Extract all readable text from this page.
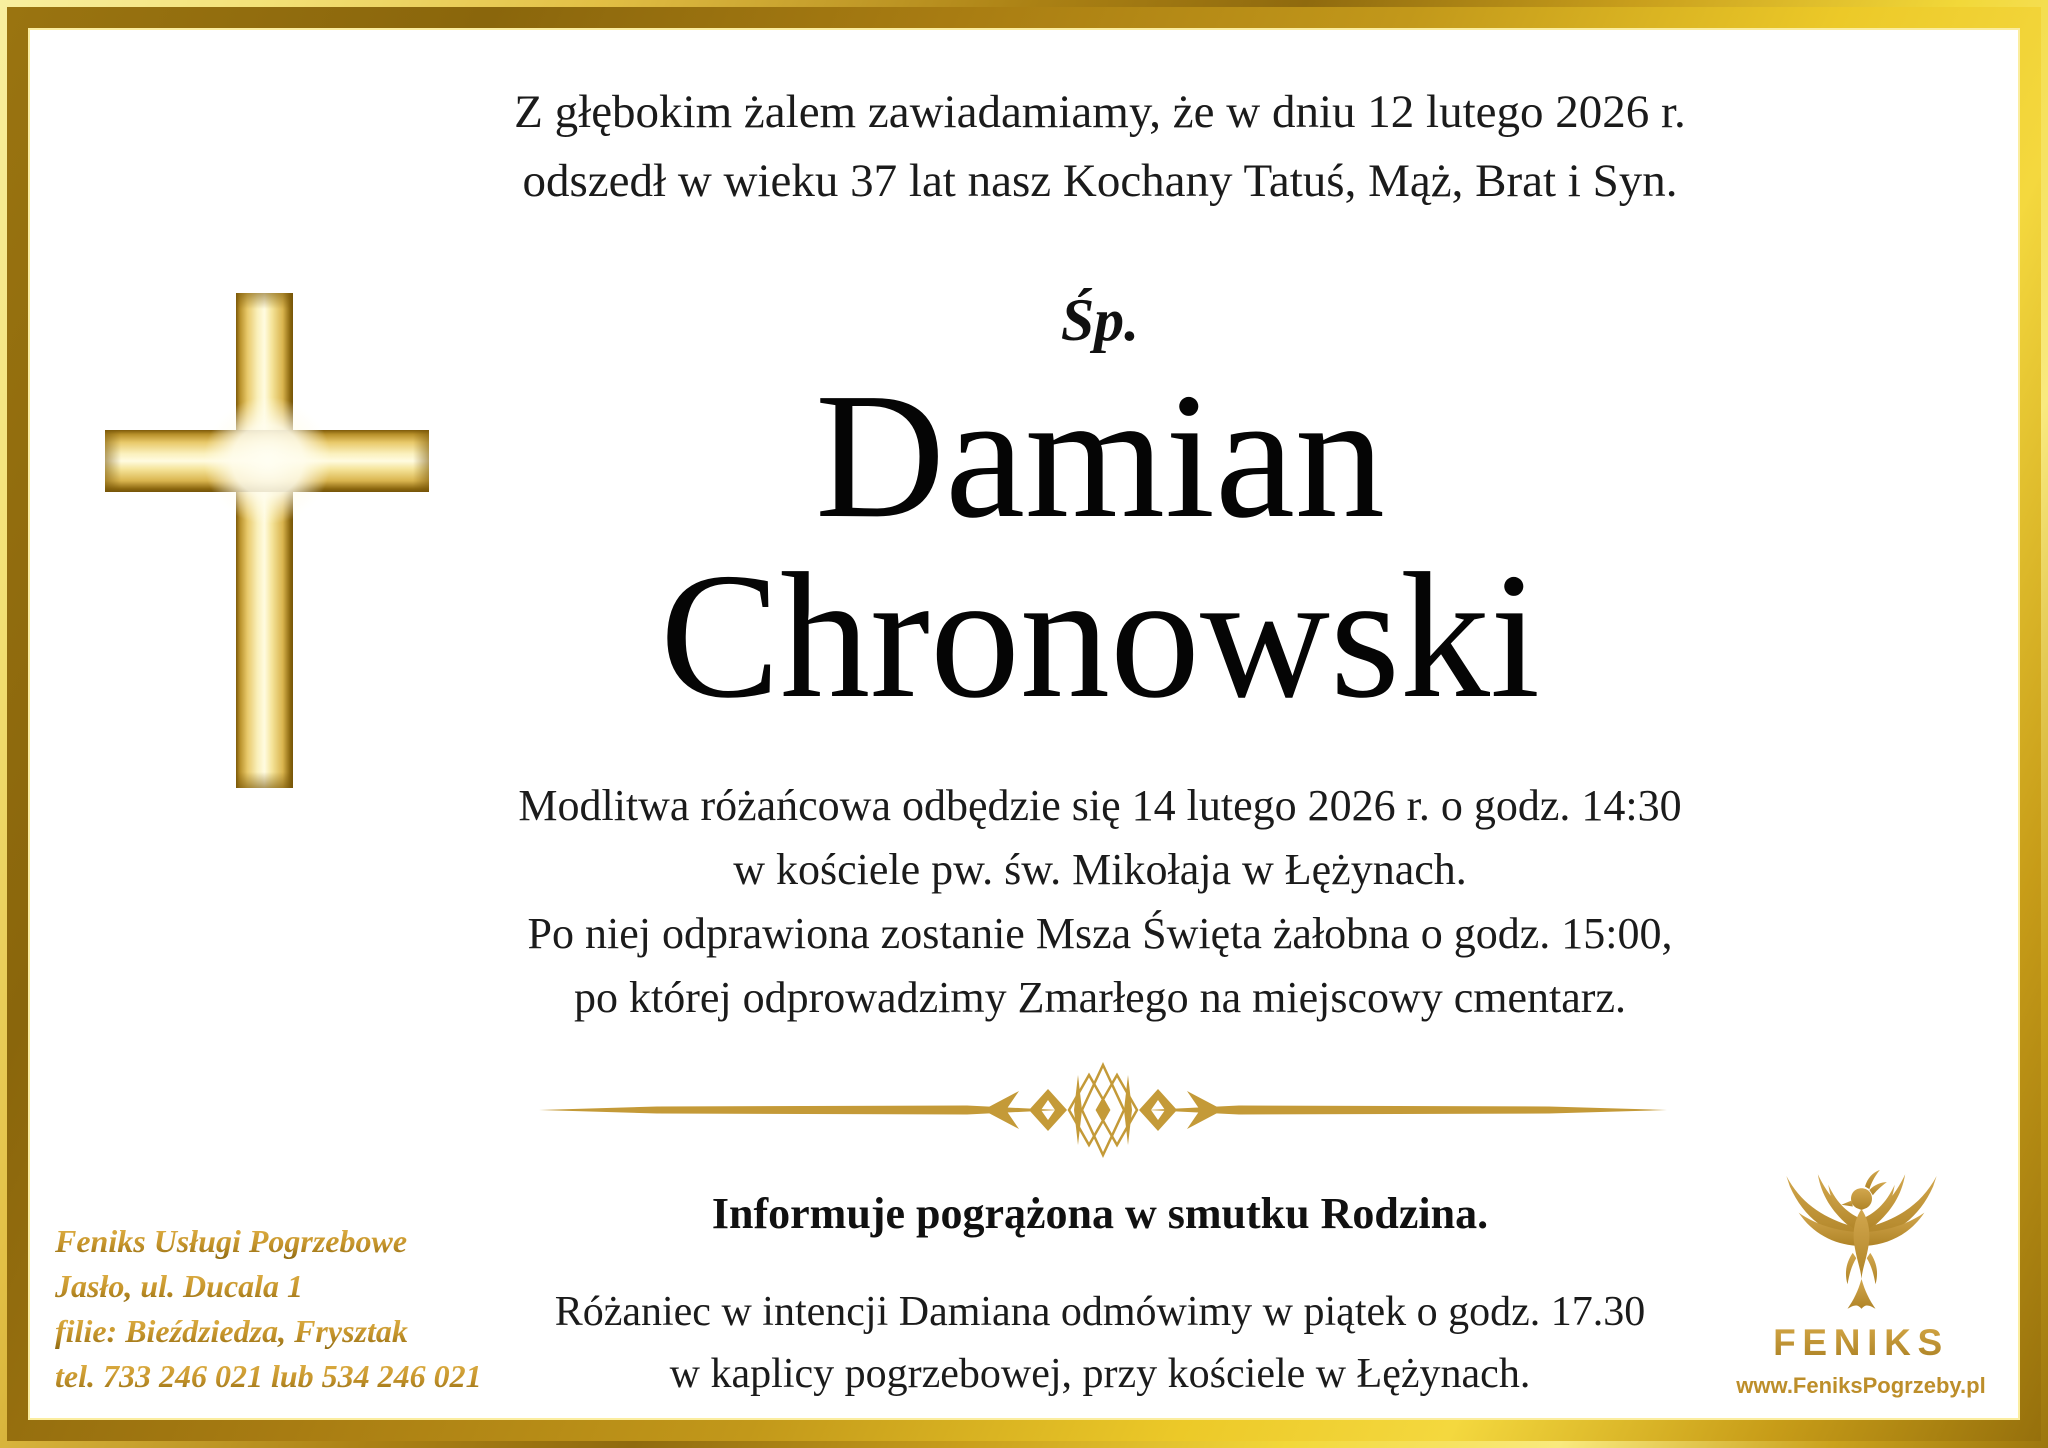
Z głębokim żalem zawiadamiamy, że w dniu 12 lutego 2026 r.
odszedł w wieku 37 lat nasz Kochany Tatuś, Mąż, Brat i Syn.
Śp.
Damian
Chronowski
Modlitwa różańcowa odbędzie się 14 lutego 2026 r. o godz. 14:30
w kościele pw. św. Mikołaja w Łężynach.
Po niej odprawiona zostanie Msza Święta żałobna o godz. 15:00,
po której odprowadzimy Zmarłego na miejscowy cmentarz.
Informuje pogrążona w smutku Rodzina.
Różaniec w intencji Damiana odmówimy w piątek o godz. 17.30
w kaplicy pogrzebowej, przy kościele w Łężynach.
Feniks Usługi Pogrzebowe
Jasło, ul. Ducala 1
filie: Bieździedza, Frysztak
tel. 733 246 021 lub 534 246 021
FENIKS
www.FeniksPogrzeby.pl
